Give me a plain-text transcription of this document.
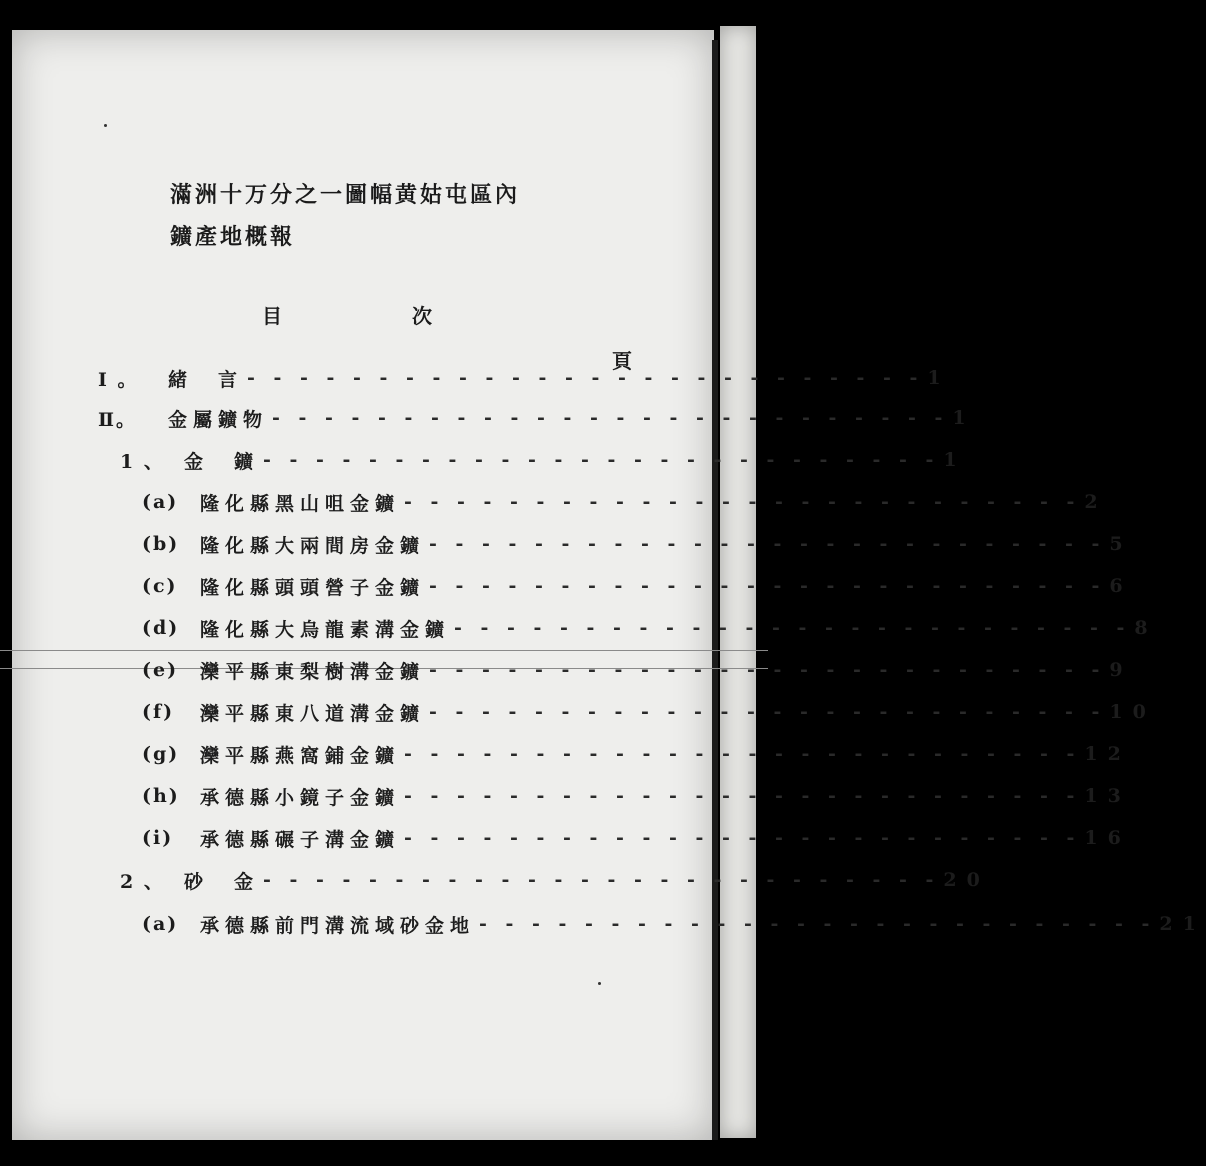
滿洲十万分之一圖幅黄姑屯區內
鑛產地概報
目	次
頁
I 。	緒　言 - - - - - - - - - - - - - - - - - - - - - - - - - - 1
Ⅱ。	金屬鑛物 - - - - - - - - - - - - - - - - - - - - - - - - - - 1
1 、	金　鑛 - - - - - - - - - - - - - - - - - - - - - - - - - - 1
(a)	隆化縣黑山咀金鑛 - - - - - - - - - - - - - - - - - - - - - - - - - - 2
(b)	隆化縣大兩間房金鑛 - - - - - - - - - - - - - - - - - - - - - - - - - - 5
(c)	隆化縣頭頭營子金鑛 - - - - - - - - - - - - - - - - - - - - - - - - - - 6
(d)	隆化縣大烏龍素溝金鑛 - - - - - - - - - - - - - - - - - - - - - - - - - - 8
(e)	灤平縣東梨樹溝金鑛 - - - - - - - - - - - - - - - - - - - - - - - - - - 9
(f)	灤平縣東八道溝金鑛 - - - - - - - - - - - - - - - - - - - - - - - - - - 10
(g)	灤平縣燕窩鋪金鑛 - - - - - - - - - - - - - - - - - - - - - - - - - - 12
(h)	承德縣小鏡子金鑛 - - - - - - - - - - - - - - - - - - - - - - - - - - 13
(i)	承德縣碾子溝金鑛 - - - - - - - - - - - - - - - - - - - - - - - - - - 16
2 、	砂　金 - - - - - - - - - - - - - - - - - - - - - - - - - - 20
(a)	承德縣前門溝流域砂金地 - - - - - - - - - - - - - - - - - - - - - - - - - - 21
